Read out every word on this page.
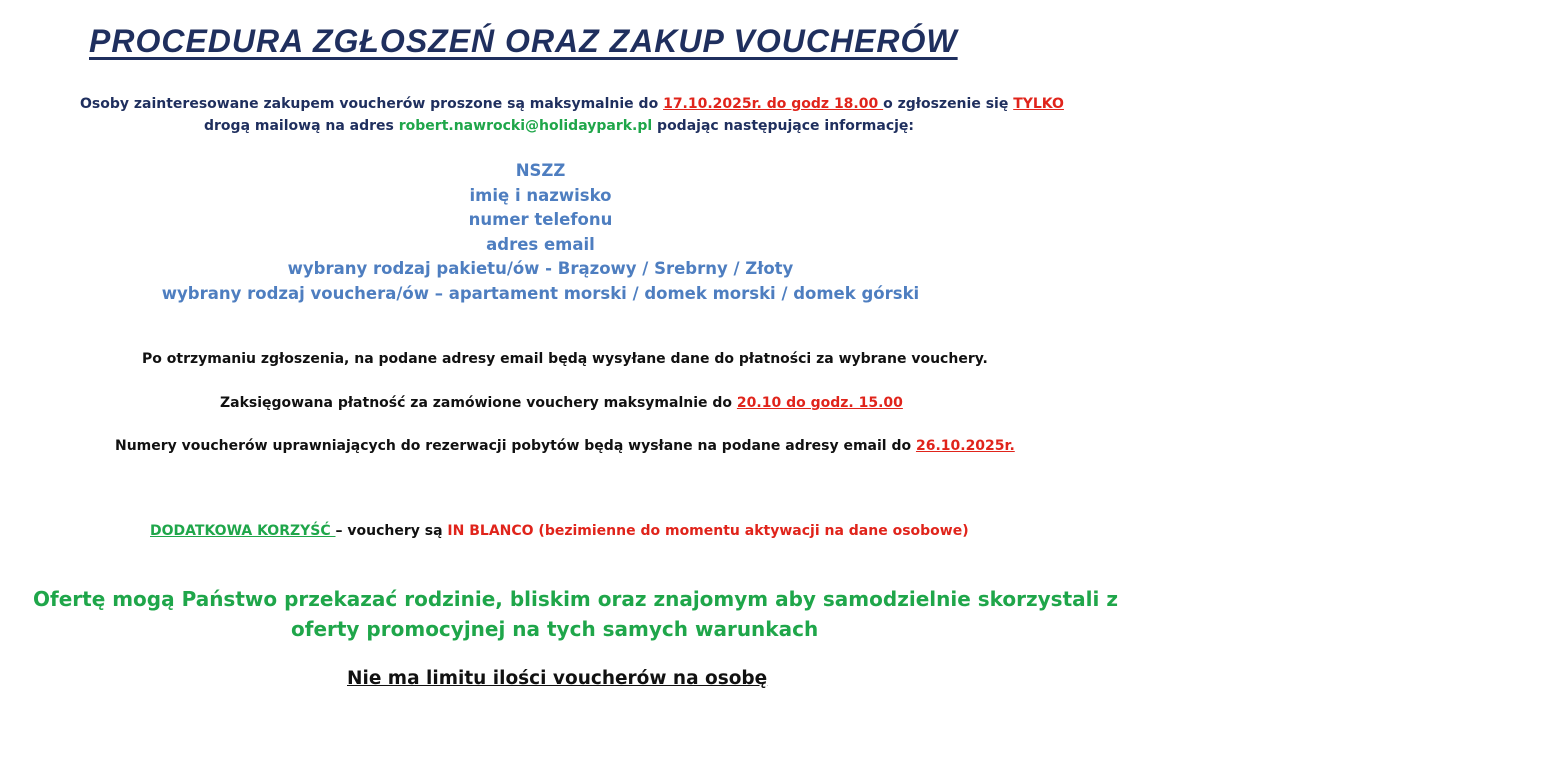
PROCEDURA ZGŁOSZEŃ ORAZ ZAKUP VOUCHERÓW
Osoby zainteresowane zakupem voucherów proszone są maksymalnie do 17.10.2025r. do godz 18.00 o zgłoszenie się TYLKO
drogą mailową na adres robert.nawrocki@holidaypark.pl podając następujące informację:
NSZZ
imię i nazwisko
numer telefonu
adres email
wybrany rodzaj pakietu/ów - Brązowy / Srebrny / Złoty
wybrany rodzaj vouchera/ów – apartament morski / domek morski / domek górski
Po otrzymaniu zgłoszenia, na podane adresy email będą wysyłane dane do płatności za wybrane vouchery.
Zaksięgowana płatność za zamówione vouchery maksymalnie do 20.10 do godz. 15.00
Numery voucherów uprawniających do rezerwacji pobytów będą wysłane na podane adresy email do 26.10.2025r.
DODATKOWA KORZYŚĆ – vouchery są IN BLANCO (bezimienne do momentu aktywacji na dane osobowe)
Ofertę mogą Państwo przekazać rodzinie, bliskim oraz znajomym aby samodzielnie skorzystali z
oferty promocyjnej na tych samych warunkach
Nie ma limitu ilości voucherów na osobę
